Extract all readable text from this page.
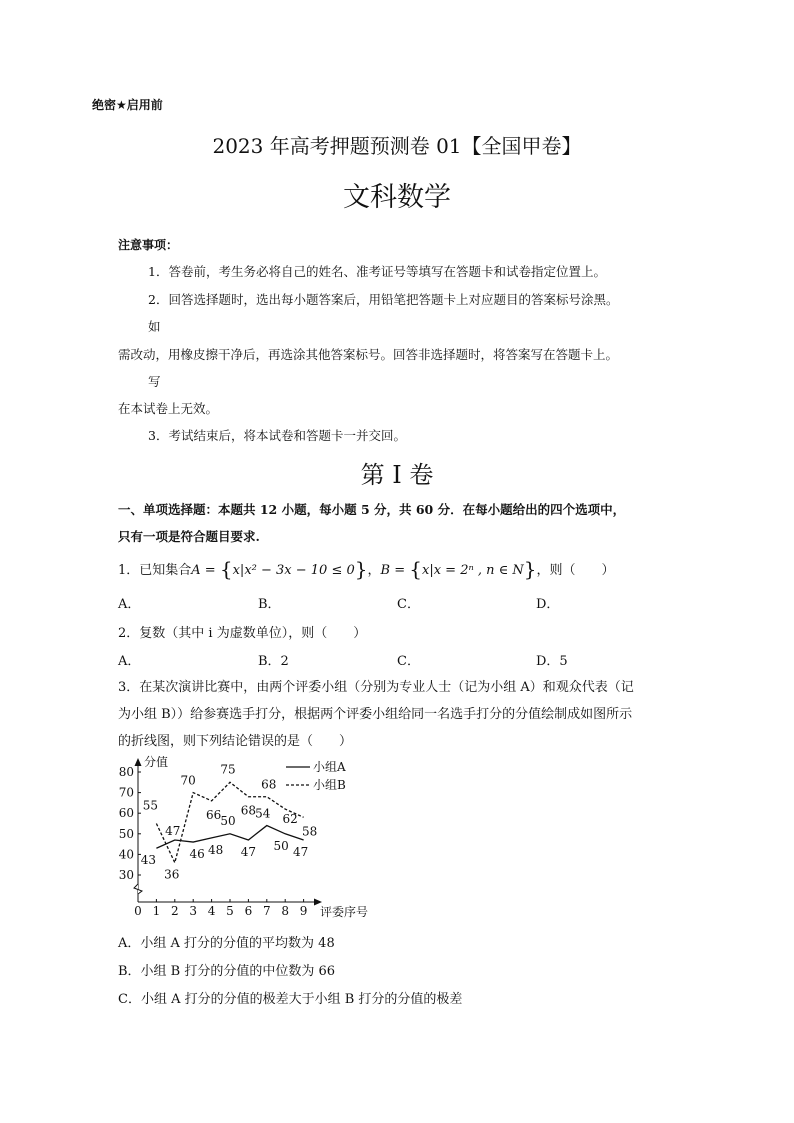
绝密★启用前
2023 年高考押题预测卷 01【全国甲卷】
文科数学
注意事项：
1．答卷前，考生务必将自己的姓名、准考证号等填写在答题卡和试卷指定位置上。
2．回答选择题时，选出每小题答案后，用铅笔把答题卡上对应题目的答案标号涂黑。
如
需改动，用橡皮擦干净后，再选涂其他答案标号。回答非选择题时，将答案写在答题卡上。
写
在本试卷上无效。
3．考试结束后，将本试卷和答题卡一并交回。
第 I 卷
一、单项选择题：本题共 12 小题，每小题 5 分，共 60 分．在每小题给出的四个选项中，
只有一项是符合题目要求.
1．已知集合A = {x|x² − 3x − 10 ≤ 0}，B = {x|x = 2ⁿ , n ∈ N}，则（　　）
A．	B．	C．	D．
2．复数（其中 i 为虚数单位），则（　　）
A．	B．2	C．	D．5
3．在某次演讲比赛中，由两个评委小组（分别为专业人士（记为小组 A）和观众代表（记
为小组 B））给参赛选手打分，根据两个评委小组给同一名选手打分的分值绘制成如图所示
的折线图，则下列结论错误的是（　　）
分值
评委序号
小组A
小组B
30
40
50
60
70
80
0 1 2 3 4 5 6 7 8 9
43
47
46 48
50
47
54
50 47
55
36
70
66
75
68
68
62
58
A．小组 A 打分的分值的平均数为 48
B．小组 B 打分的分值的中位数为 66
C．小组 A 打分的分值的极差大于小组 B 打分的分值的极差
